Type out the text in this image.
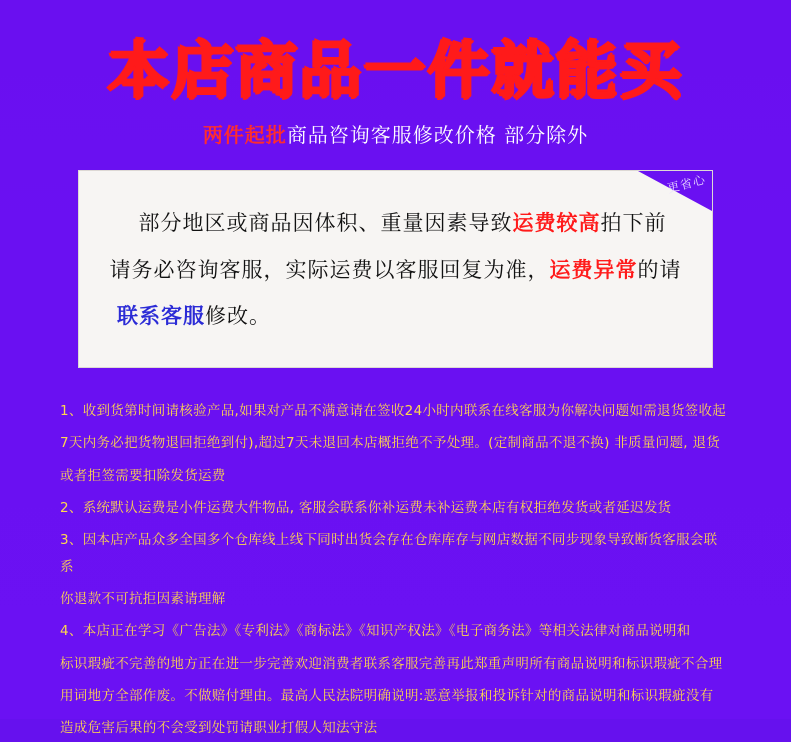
本店商品一件就能买
两件起批商品咨询客服修改价格 部分除外
更省心

部分地区或商品因体积、重量因素导致运费较高拍下前

请务必咨询客服，实际运费以客服回复为准，运费异常的请

联系客服修改。

1、收到货第时间请核验产品,如果对产品不满意请在签收24小时内联系在线客服为你解决问题如需退货签收起
7天内务必把货物退回拒绝到付),超过7天未退回本店概拒绝不予处理。(定制商品不退不换) 非质量问题, 退货
或者拒签需要扣除发货运费
2、系统默认运费是小件运费大件物品, 客服会联系你补运费未补运费本店有权拒绝发货或者延迟发货
3、因本店产品众多全国多个仓库线上线下同时出货会存在仓库库存与网店数据不同步现象导致断货客服会联系
你退款不可抗拒因素请理解
4、本店正在学习《广告法》《专利法》《商标法》《知识产权法》《电子商务法》等相关法律对商品说明和
标识瑕疵不完善的地方正在进一步完善欢迎消费者联系客服完善再此郑重声明所有商品说明和标识瑕疵不合理
用词地方全部作废。不做赔付理由。最高人民法院明确说明:恶意举报和投诉针对的商品说明和标识瑕疵没有
造成危害后果的不会受到处罚请职业打假人知法守法
